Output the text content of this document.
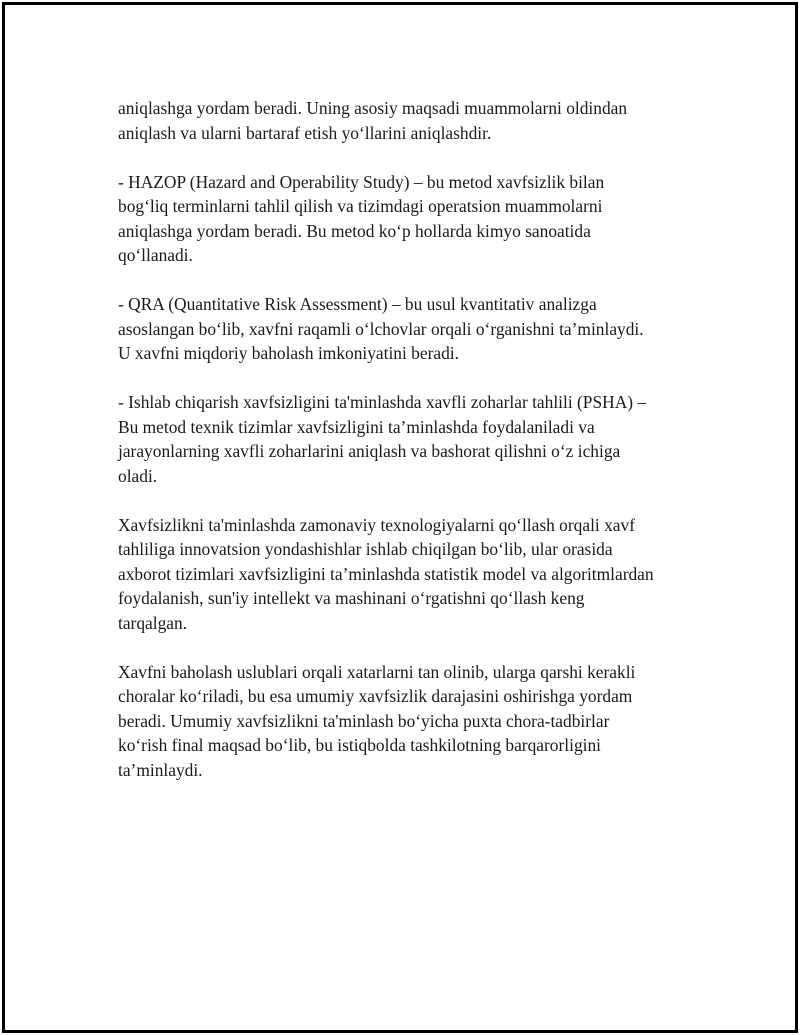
aniqlashga yordam beradi. Uning asosiy maqsadi muammolarni oldindan
aniqlash va ularni bartaraf etish yo‘llarini aniqlashdir.

- HAZOP (Hazard and Operability Study) – bu metod xavfsizlik bilan
bog‘liq terminlarni tahlil qilish va tizimdagi operatsion muammolarni
aniqlashga yordam beradi. Bu metod ko‘p hollarda kimyo sanoatida
qo‘llanadi.

- QRA (Quantitative Risk Assessment) – bu usul kvantitativ analizga
asoslangan bo‘lib, xavfni raqamli o‘lchovlar orqali o‘rganishni ta’minlaydi.
U xavfni miqdoriy baholash imkoniyatini beradi.

- Ishlab chiqarish xavfsizligini ta'minlashda xavfli zoharlar tahlili (PSHA) –
Bu metod texnik tizimlar xavfsizligini ta’minlashda foydalaniladi va
jarayonlarning xavfli zoharlarini aniqlash va bashorat qilishni o‘z ichiga
oladi.

Xavfsizlikni ta'minlashda zamonaviy texnologiyalarni qo‘llash orqali xavf
tahliliga innovatsion yondashishlar ishlab chiqilgan bo‘lib, ular orasida
axborot tizimlari xavfsizligini ta’minlashda statistik model va algoritmlardan
foydalanish, sun'iy intellekt va mashinani o‘rgatishni qo‘llash keng
tarqalgan.

Xavfni baholash uslublari orqali xatarlarni tan olinib, ularga qarshi kerakli
choralar ko‘riladi, bu esa umumiy xavfsizlik darajasini oshirishga yordam
beradi. Umumiy xavfsizlikni ta'minlash bo‘yicha puxta chora-tadbirlar
ko‘rish final maqsad bo‘lib, bu istiqbolda tashkilotning barqarorligini
ta’minlaydi.
